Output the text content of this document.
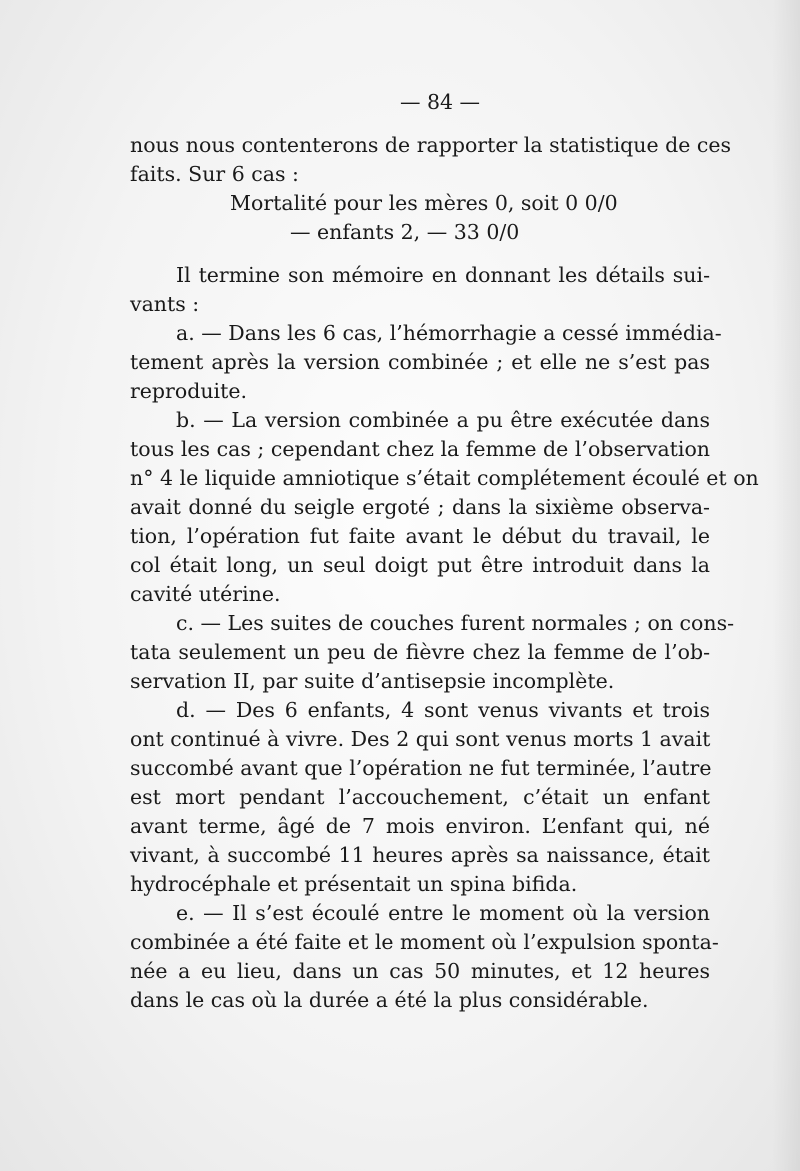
— 84 —
nous nous contenterons de rapporter la statistique de ces
faits. Sur 6 cas :
Mortalité pour les mères 0, soit 0 0/0
— enfants 2, — 33 0/0
Il termine son mémoire en donnant les détails sui-
vants :
a. — Dans les 6 cas, l’hémorrhagie a cessé immédia-
tement après la version combinée ; et elle ne s’est pas
reproduite.
b. — La version combinée a pu être exécutée dans
tous les cas ; cependant chez la femme de l’observation
n° 4 le liquide amniotique s’était complétement écoulé et on
avait donné du seigle ergoté ; dans la sixième observa-
tion, l’opération fut faite avant le début du travail, le
col était long, un seul doigt put être introduit dans la
cavité utérine.
c. — Les suites de couches furent normales ; on cons-
tata seulement un peu de fièvre chez la femme de l’ob-
servation II, par suite d’antisepsie incomplète.
d. — Des 6 enfants, 4 sont venus vivants et trois
ont continué à vivre. Des 2 qui sont venus morts 1 avait
succombé avant que l’opération ne fut terminée, l’autre
est mort pendant l’accouchement, c’était un enfant
avant terme, âgé de 7 mois environ. L’enfant qui, né
vivant, à succombé 11 heures après sa naissance, était
hydrocéphale et présentait un spina bifida.
e. — Il s’est écoulé entre le moment où la version
combinée a été faite et le moment où l’expulsion sponta-
née a eu lieu, dans un cas 50 minutes, et 12 heures
dans le cas où la durée a été la plus considérable.
